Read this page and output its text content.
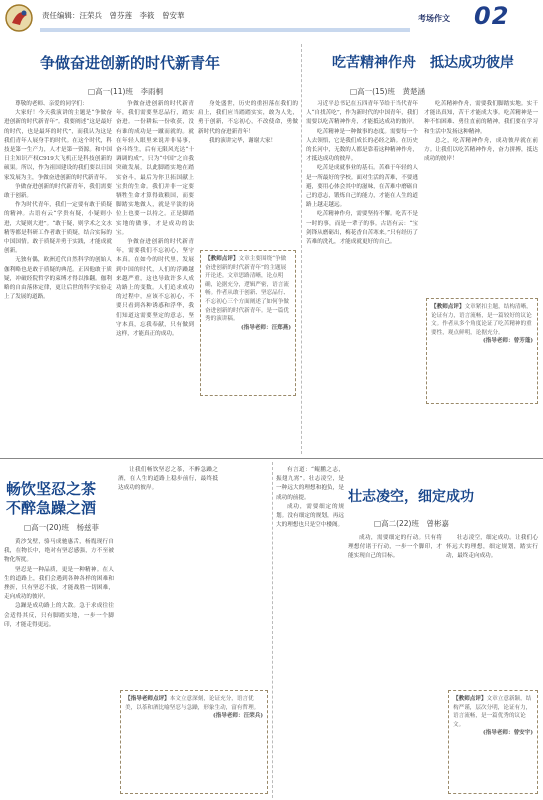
责任编辑：汪荣兵　曾芬莲　李筱　曾安華	考场作文 02
争做奋进创新的时代新青年
□高一(11)班　李雨桐

尊敬的老师、亲爱的同学们：

大家好！今天我演讲的主题是“争做奋进创新的时代新青年”。我要阐述“这是最好的时代，也是最坏的时代”，而我认为这是我们青年人展身手的时代。在这个时代，科技是第一生产力，人才是第一资源。和中国日主知识产权C919大飞机正是科技创新的硕果。所以，作为祖国建设的我们要以日国家发展为主，争做奋进创新的时代新青年。

争做奋进创新的时代新青年，我们需要敢于创新。

作为时代青年，我们一定要有敢于质疑的精神。古语有云“学贵有疑，小疑则小进，大疑则大进”。“敢于疑，则学术之文水精等都是科研工作者敢于质疑，结合实际的中国国情。敢于质疑并勇于实践，才能成就创新。

无独有偶，欧洲近代自然科学的创始人伽利略也是敢于质疑的典范。正因他敢于质疑，冲破经院哲学的束缚才得以推翻。伽利略的自由落体定律，更让后世的科学实验走上了发展的道路。

争做奋进创新的时代新青年，我们需要坚忍品行，踏实奋进。一份耕耘一份收获，没有谁的成功是一蹴而就的。就在年轻人眼里来说并非易事，奋斗终生，后有无限风光达“十调调的成”，只为“中国”之自我突破发展，以此脚踏实地在踏实奋斗，最后为你卫拓国献上宝贵的生命。我们并非一定要牺牲生命才算得致粮国，而要脚踏实地做人，就是平淡的岗位上也要一以持之。正是脚踏实地的做事，才是成功的法宝。

争做奋进创新的时代新青年，需要我们不忘初心，坚守本真。在如今的时代里，发展到中国的时代，人们的浮躁越来越严重，这也导致许多人成功路上的变数。人们追求成功的过程中，应该不忘初心，不要只看到各种诱惑和浮华，我们知道这需要坚定的意志，坚守本真，忘我奉献，只有做到这样，才能真正的成功。

身处盛世，历史的重担落在我们的肩上，我们应当踏踏实实，敢为人先，勇于创新，不忘初心，不改使命，勇做新时代的奋进新青年！

我的演讲完毕，谢谢大家！

【教师点评】文章主要围绕“争做奋进创新的时代新青年”的主题展开论述。文章思路清晰，论点明确，论据充分，逻辑严密，语言流畅。作者从敢于创新、坚忍品行、不忘初心三个方面阐述了如何争做奋进创新的时代新青年。是一篇优秀的演讲稿。
(指导老师：汪郑燕)
吃苦精神作舟　抵达成功彼岸
□高一(15)班　黄楚涵

习近平总书记在五四青年节给于当代青年人“自找苦吃”，作为新时代的中国青年，我们需要以吃苦精神作舟，才能抵达成功的彼岸。

吃苦精神是一种做事的态度。需要每一个人去领悟，它是我们成长的必经之路。在历史的长河中，无数的人都是靠着这种精神作舟，才抵达成功的彼岸。

吃苦是成就事业的基石。苦难于年轻的人是一所最好的学校。面对生活的苦难，不要逃避，要用心体会其中的滋味，在苦难中磨砺自己的意志，锻炼自己的能力，才能在人生的道路上越走越远。

吃苦精神作舟，需要坚持不懈。吃苦不是一时的事，而是一辈子的事。古语有云：“宝剑锋从磨砺出，梅花香自苦寒来。”只有经历了苦难的洗礼，才能成就更好的自己。

吃苦精神作舟，需要我们脚踏实地。实干才能出真知，苦干才能成大事。吃苦精神是一种不怕困难、勇往直前的精神，我们要在学习和生活中发扬这种精神。

总之，吃苦精神作舟，成功彼岸就在前方。让我们以吃苦精神作舟，奋力拼搏，抵达成功的彼岸！

【教师点评】文章紧扣主题，结构清晰，论证有力，语言流畅，是一篇较好的议论文。作者从多个角度论证了吃苦精神的重要性，观点鲜明，论据充分。
(指导老师：曾芳蓬)
畅饮坚忍之茶
不醉急躁之酒
□高一(20)班　杨兹菲

黄沙戈壁，骆马成驰惠舌，杨胤现行自我，在物长中，绝对有坚忍感强，方不至被物化所扰。

坚忍是一种品质，更是一种精神。在人生的道路上，我们会遇到各种各样的困难和挫折，只有坚忍不拔，才能战胜一切困难，走向成功的彼岸。

急躁是成功路上的大敌。急于求成往往会适得其反，只有脚踏实地，一步一个脚印，才能走得更远。

让我们畅饮坚忍之茶，不醉急躁之酒，在人生的道路上稳步前行，最终抵达成功的彼岸。

【指导老师点评】本文立意深刻，论证充分，语言优美，以茶和酒比喻坚忍与急躁，形象生动，富有哲理。
(指导老师：汪荣兵)
壮志凌空，细定成功
□高二(22)班　曾彬嘉

有言道：“鲲鹏之志，振翅九霄”。壮志凌空，是一种远大的理想和抱负，是成功的前提。

成功，需要细定的规划。没有细定的规划，再远大的理想也只是空中楼阁。

成功，需要细定的行动。只有将理想付诸于行动，一步一个脚印，才能实现自己的目标。

壮志凌空，细定成功。让我们心怀远大的理想，细定规划，踏实行动，最终走向成功。

【教师点评】文章立意新颖，结构严谨，层次分明，论证有力，语言流畅，是一篇优秀的议论文。
(指导老师：曾安宇)
